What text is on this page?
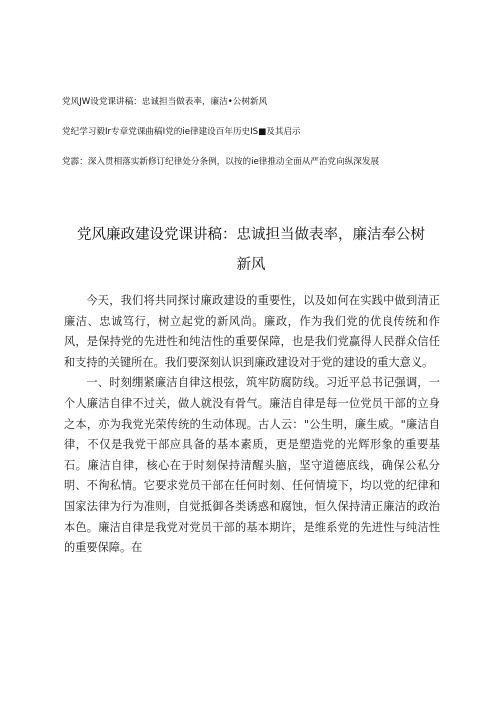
党风JW设党课讲稿：忠诚担当做表率，廉洁•公树新风
党纪学习毅Ir专章党课曲稿I党的ie律建设百年历史IS■及其启示
党霹：深入贯相落实新修订纪律处分条例，以按的ie律推动全面从严治党向纵深发展
党风廉政建设党课讲稿：忠诚担当做表率，廉洁奉公树新风

今天，我们将共同探讨廉政建设的重要性，以及如何在实践中做到清正廉洁、忠诚笃行，树立起党的新风尚。廉政，作为我们党的优良传统和作风，是保持党的先进性和纯洁性的重要保障，也是我们党赢得人民群众信任和支持的关键所在。我们要深刻认识到廉政建设对于党的建设的重大意义。

一、时刻绷紧廉洁自律这根弦，筑牢防腐防线。习近平总书记强调，一个人廉洁自律不过关，做人就没有骨气。廉洁自律是每一位党员干部的立身之本，亦为我党光荣传统的生动体现。古人云："公生明，廉生威。"廉洁自律，不仅是我党干部应具备的基本素质，更是塑造党的光辉形象的重要基石。廉洁自律，核心在于时刻保持清醒头脑，坚守道德底线，确保公私分明、不徇私情。它要求党员干部在任何时刻、任何情境下，均以党的纪律和国家法律为行为准则，自觉抵御各类诱惑和腐蚀，恒久保持清正廉洁的政治本色。廉洁自律是我党对党员干部的基本期许，是维系党的先进性与纯洁性的重要保障。在
